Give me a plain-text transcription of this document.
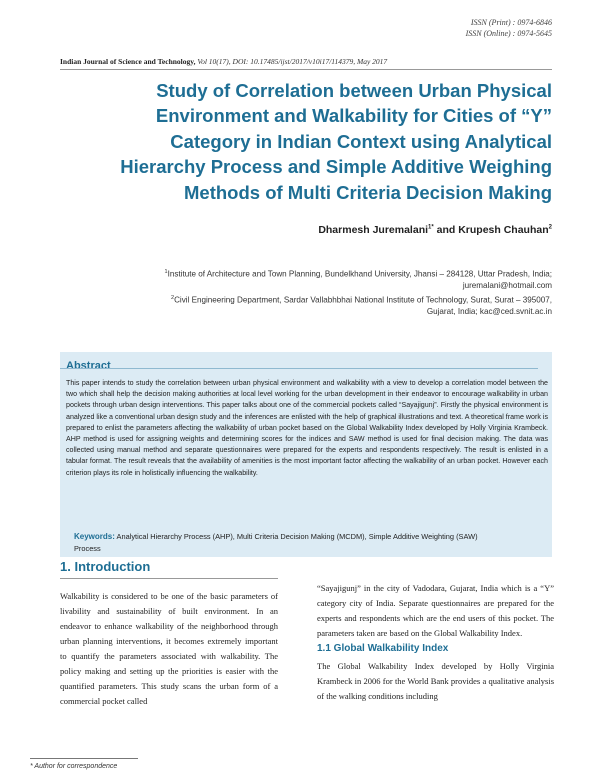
ISSN (Print) : 0974-6846
ISSN (Online) : 0974-5645
Indian Journal of Science and Technology, Vol 10(17), DOI: 10.17485/ijst/2017/v10i17/114379, May 2017
Study of Correlation between Urban Physical Environment and Walkability for Cities of “Y” Category in Indian Context using Analytical Hierarchy Process and Simple Additive Weighing Methods of Multi Criteria Decision Making
Dharmesh Juremalani$^{1*}$ and Krupesh Chauhan$^2$
$^1$Institute of Architecture and Town Planning, Bundelkhand University, Jhansi – 284128, Uttar Pradesh, India;
juremalani@hotmail.com
$^2$Civil Engineering Department, Sardar Vallabhbhai National Institute of Technology, Surat, Surat – 395007,
Gujarat, India; kac@ced.svnit.ac.in
Abstract
This paper intends to study the correlation between urban physical environment and walkability with a view to develop a correlation model between the two which shall help the decision making authorities at local level working for the urban development in their endeavor to encourage walkability in urban pockets through urban design interventions. This paper talks about one of the commercial pockets called “Sayajigunj”. Firstly the physical environment is analyzed like a conventional urban design study and the inferences are enlisted with the help of graphical illustrations and text. A theoretical frame work is prepared to enlist the parameters affecting the walkability of urban pocket based on the Global Walkability Index developed by Holly Virginia Krambeck. AHP method is used for assigning weights and determining scores for the indices and SAW method is used for final decision making. The data was collected using manual method and separate questionnaires were prepared for the experts and respondents respectively. The result is enlisted in a tabular format. The result reveals that the availability of amenities is the most important factor affecting the walkability of an urban pocket. However each criterion plays its role in holistically influencing the walkability.
Keywords: Analytical Hierarchy Process (AHP), Multi Criteria Decision Making (MCDM), Simple Additive Weighting (SAW) Process
1. Introduction
Walkability is considered to be one of the basic parameters of livability and sustainability of built environment. In an endeavor to enhance walkability of the neighborhood through urban planning interventions, it becomes extremely important to quantify the parameters associated with walkability. The policy making and setting up the priorities is easier with the quantified parameters. This study scans the urban form of a commercial pocket called
“Sayajigunj” in the city of Vadodara, Gujarat, India which is a “Y” category city of India. Separate questionnaires are prepared for the experts and respondents which are the end users of this pocket. The parameters taken are based on the Global Walkability Index.
1.1 Global Walkability Index
The Global Walkability Index developed by Holly Virginia Krambeck in 2006 for the World Bank provides a qualitative analysis of the walking conditions including
* Author for correspondence
